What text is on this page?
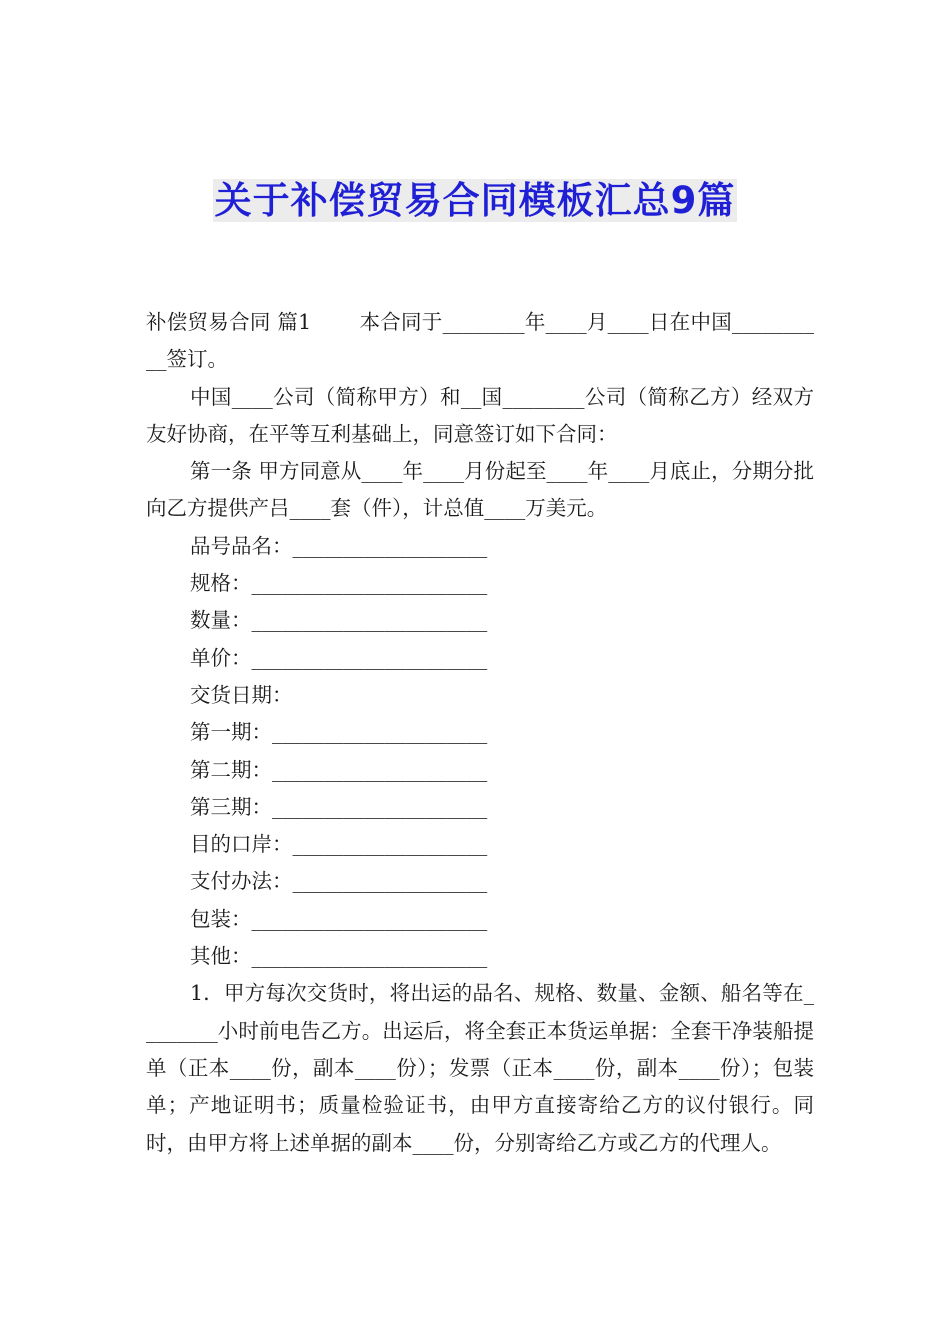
关于补偿贸易合同模板汇总9篇

补偿贸易合同 篇1 本合同于________年____月____日在中国__________签订。

中国____公司（简称甲方）和__国________公司（简称乙方）经双方友好协商，在平等互利基础上，同意签订如下合同：

第一条 甲方同意从____年____月份起至____年____月底止，分期分批向乙方提供产吕____套（件），计总值____万美元。

品号品名：___________________

规格：_______________________

数量：_______________________

单价：_______________________

交货日期：

第一期：_____________________

第二期：_____________________

第三期：_____________________

目的口岸：___________________

支付办法：___________________

包装：_______________________

其他：_______________________

1．甲方每次交货时，将出运的品名、规格、数量、金额、船名等在________小时前电告乙方。出运后，将全套正本货运单据：全套干净装船提单（正本____份，副本____份）；发票（正本____份，副本____份）；包装单；产地证明书；质量检验证书，由甲方直接寄给乙方的议付银行。同时，由甲方将上述单据的副本____份，分别寄给乙方或乙方的代理人。
